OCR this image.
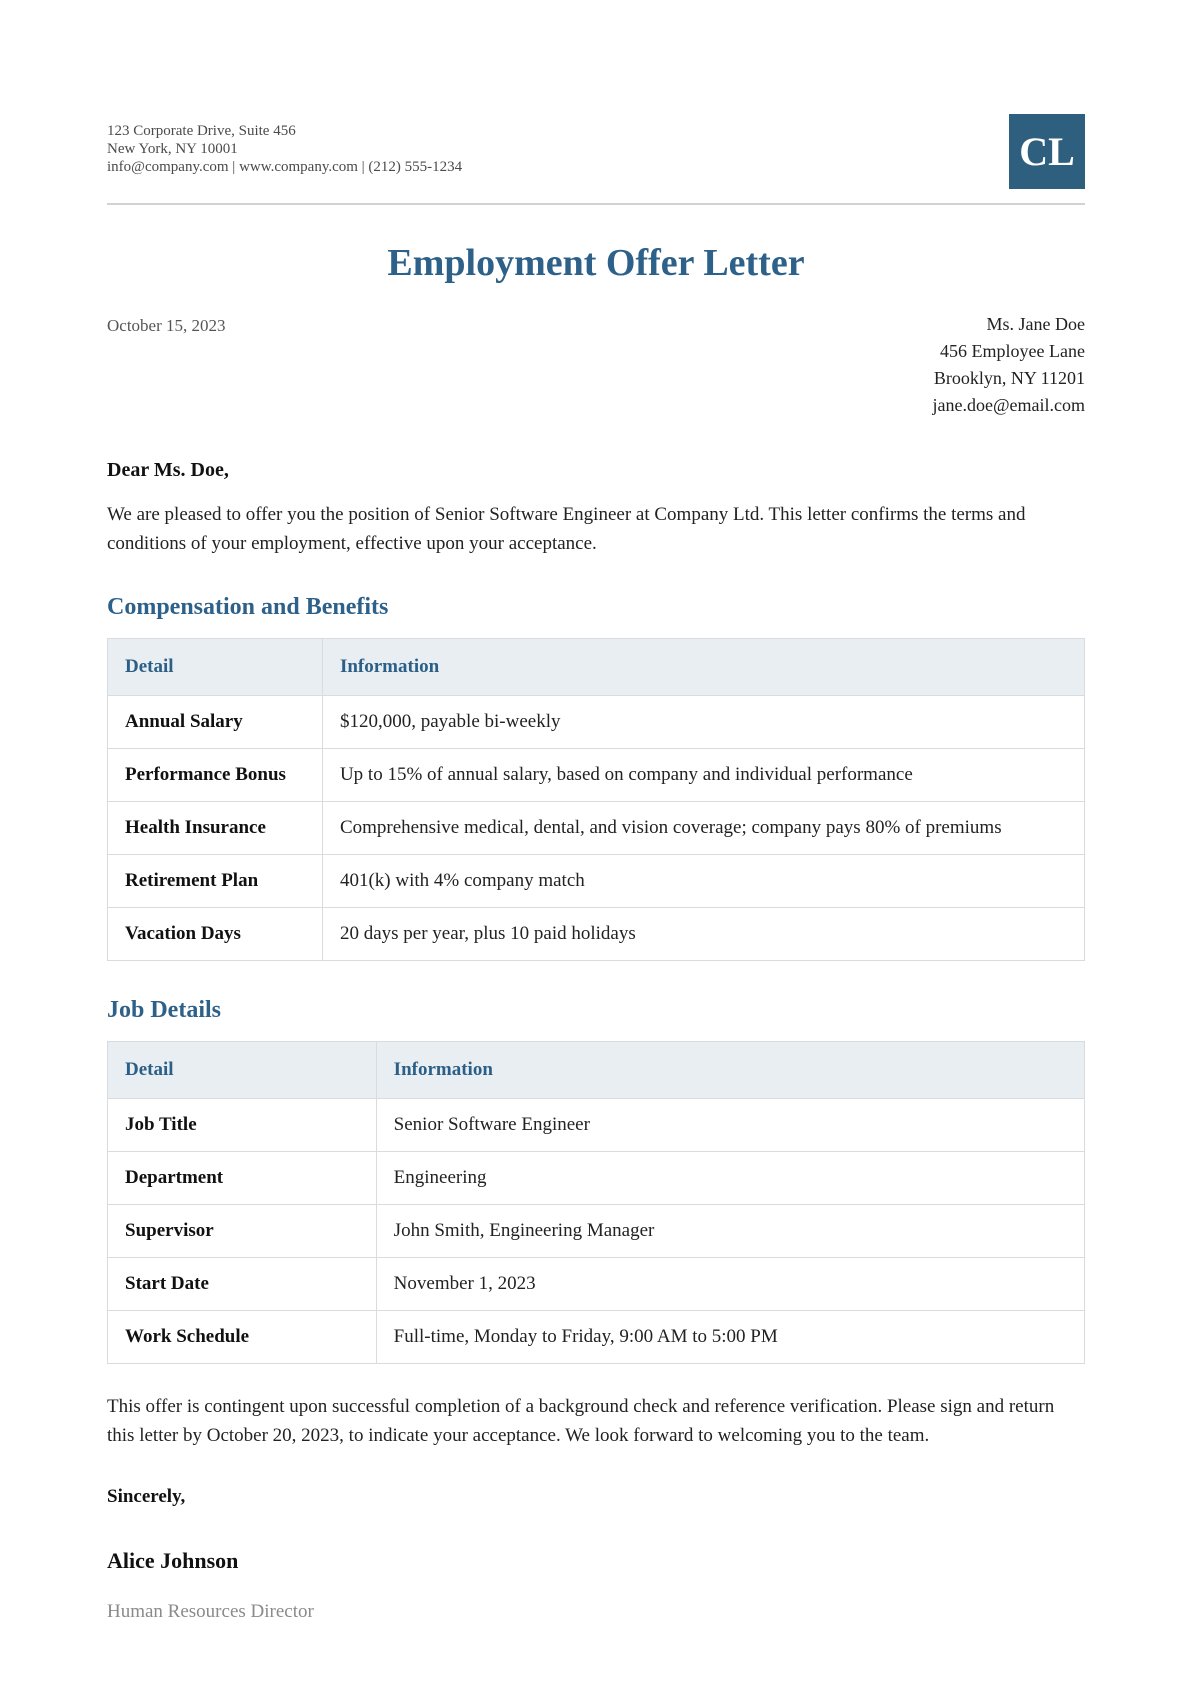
123 Corporate Drive, Suite 456
New York, NY 10001
info@company.com | www.company.com | (212) 555-1234	CL
Employment Offer Letter
October 15, 2023	Ms. Jane Doe
456 Employee Lane
Brooklyn, NY 11201
jane.doe@email.com

Dear Ms. Doe,

We are pleased to offer you the position of Senior Software Engineer at Company Ltd. This letter confirms the terms and conditions of your employment, effective upon your acceptance.

Compensation and Benefits
Detail	Information
Annual Salary	$120,000, payable bi-weekly
Performance Bonus	Up to 15% of annual salary, based on company and individual performance
Health Insurance	Comprehensive medical, dental, and vision coverage; company pays 80% of premiums
Retirement Plan	401(k) with 4% company match
Vacation Days	20 days per year, plus 10 paid holidays
Job Details
Detail	Information
Job Title	Senior Software Engineer
Department	Engineering
Supervisor	John Smith, Engineering Manager
Start Date	November 1, 2023
Work Schedule	Full-time, Monday to Friday, 9:00 AM to 5:00 PM

This offer is contingent upon successful completion of a background check and reference verification. Please sign and return this letter by October 20, 2023, to indicate your acceptance. We look forward to welcoming you to the team.

Sincerely,

Alice Johnson

Human Resources Director
